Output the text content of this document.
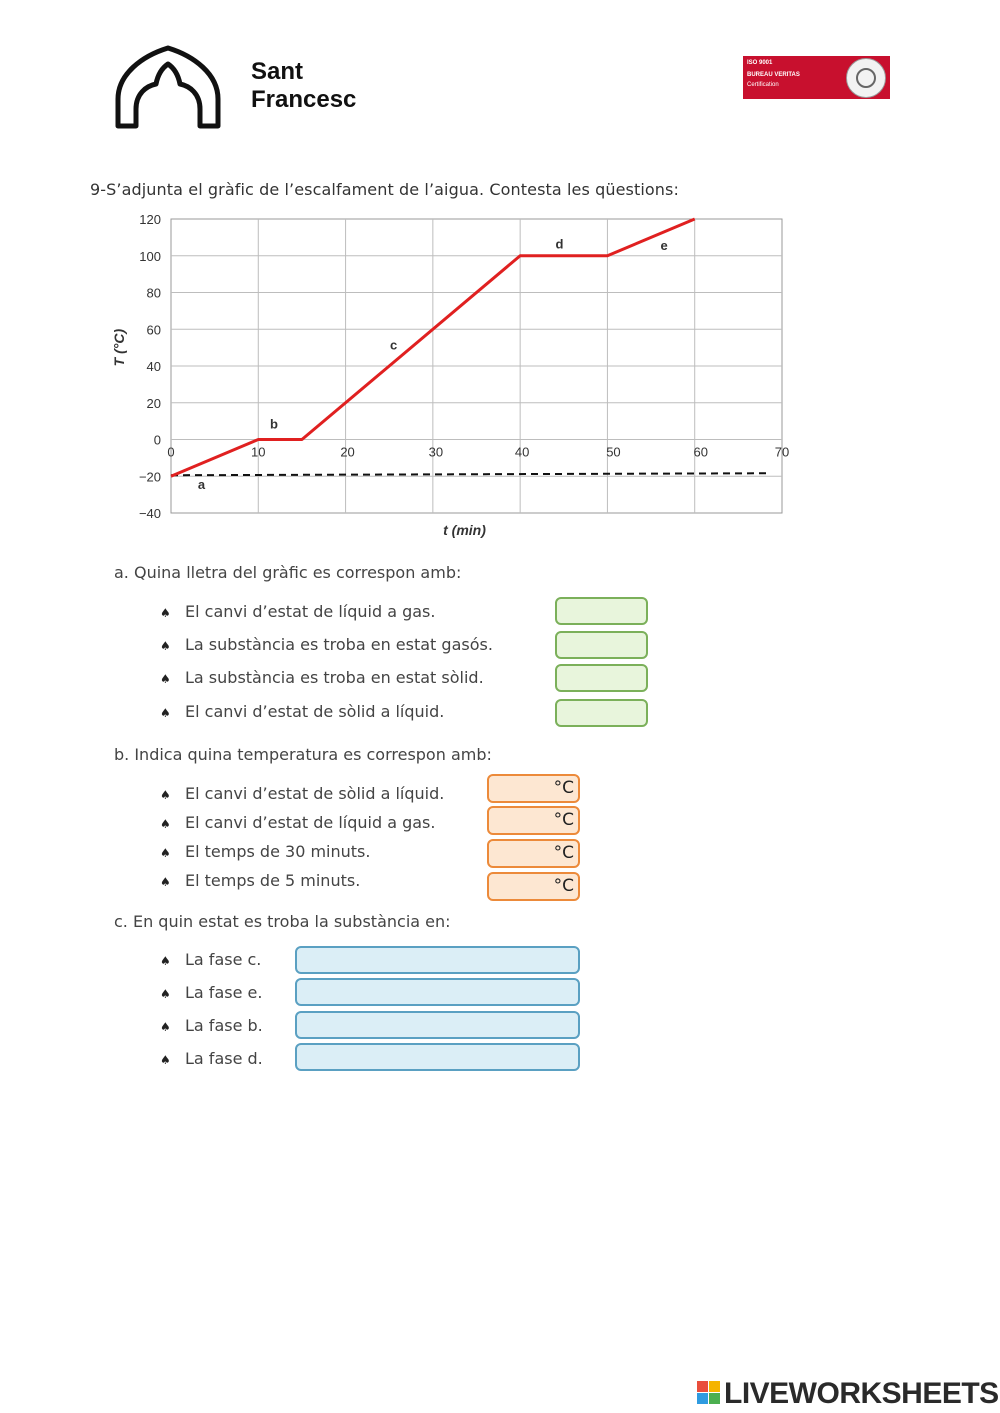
Sant
Francesc
ISO 9001
BUREAU VERITAS
Certification
9-S’adjunta el gràfic de l’escalfament de l’aigua. Contesta les qüestions:
120
100
80
60
40
20
0
−20
−40
0	10	20	30	40	50	60	70
a
b
c
d	e
t (min)
T (°C)
a. Quina lletra del gràfic es correspon amb:
♠ El canvi d’estat de líquid a gas.
♠ La substància es troba en estat gasós.
♠ La substància es troba en estat sòlid.
♠ El canvi d’estat de sòlid a líquid.
b. Indica quina temperatura es correspon amb:
♠ El canvi d’estat de sòlid a líquid.	°C
♠ El canvi d’estat de líquid a gas.	°C
♠ El temps de 30 minuts.	°C
♠ El temps de 5 minuts.	°C
c. En quin estat es troba la substància en:
♠ La fase c.
♠ La fase e.
♠ La fase b.
♠ La fase d.
LIVEWORKSHEETS
